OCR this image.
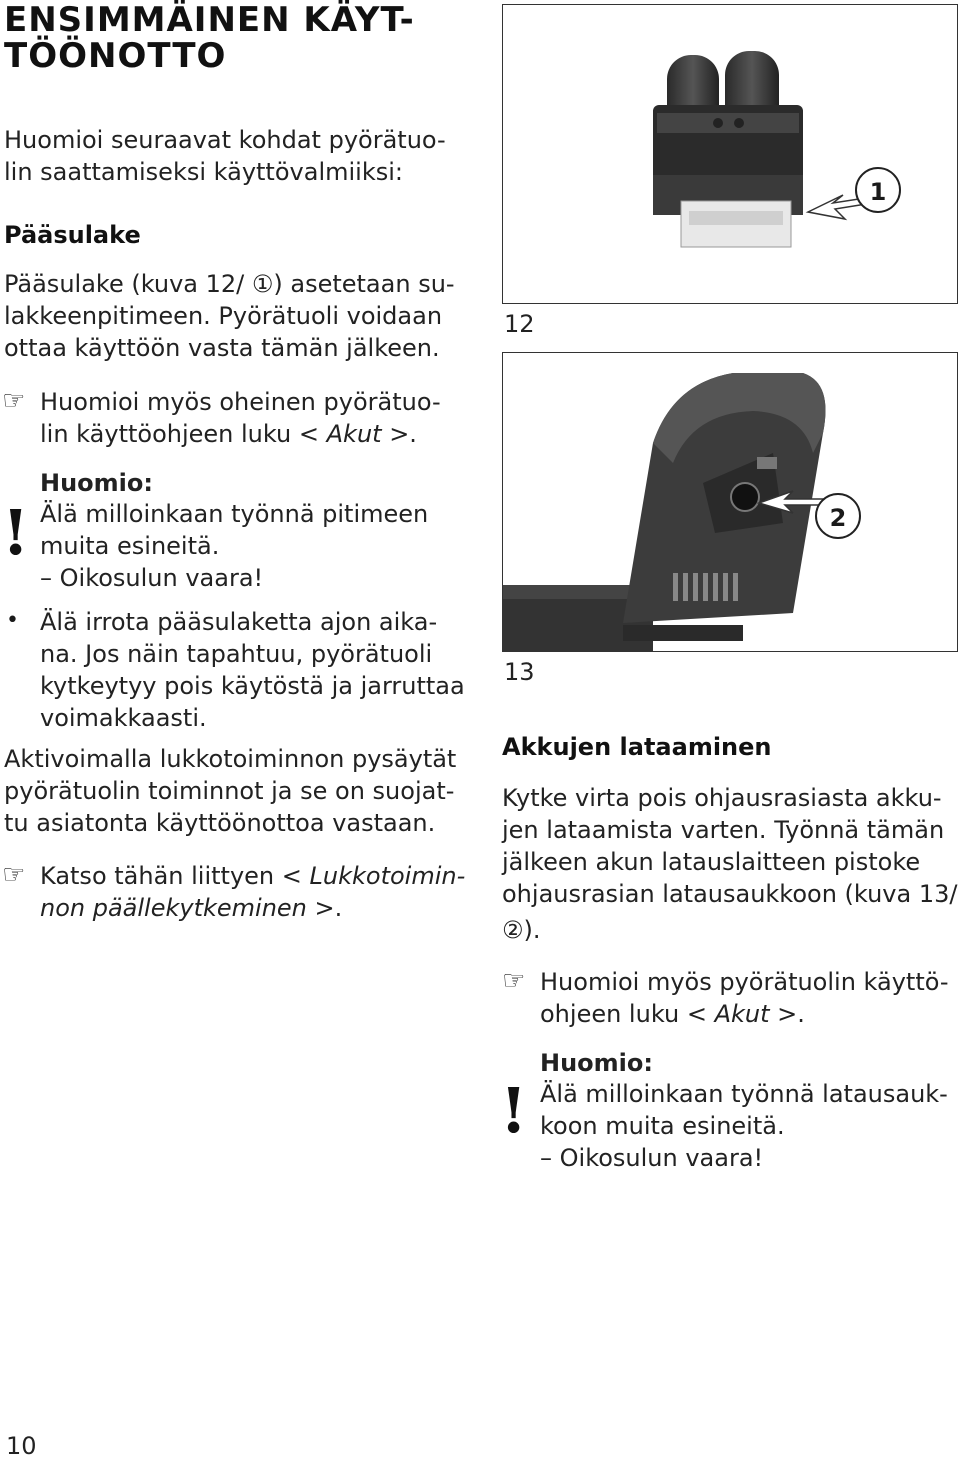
ENSIMMÄINEN KÄYT-
TÖÖNOTTO
Huomioi seuraavat kohdat pyörätuo-
lin saattamiseksi käyttövalmiiksi:
Pääsulake
Pääsulake (kuva 12/ ①) asetetaan su-
lakkeenpitimeen. Pyörätuoli voidaan
ottaa käyttöön vasta tämän jälkeen.
☞ Huomioi myös oheinen pyörätuo-
lin käyttöohjeen luku < Akut >.
!
Huomio:
Älä milloinkaan työnnä pitimeen
muita esineitä.
– Oikosulun vaara!
• Älä irrota pääsulaketta ajon aika-
na. Jos näin tapahtuu, pyörätuoli
kytkeytyy pois käytöstä ja jarruttaa
voimakkaasti.
Aktivoimalla lukkotoiminnon pysäytät
pyörätuolin toiminnot ja se on suojat-
tu asiatonta käyttöönottoa vastaan.
☞ Katso tähän liittyen < Lukkotoimin-
non päällekytkeminen >.
1
12
2
13
Akkujen lataaminen
Kytke virta pois ohjausrasiasta akku-
jen lataamista varten. Työnnä tämän
jälkeen akun latauslaitteen pistoke
ohjausrasian latausaukkoon (kuva 13/
②).
☞ Huomioi myös pyörätuolin käyttö-
ohjeen luku < Akut >.
!
Huomio:
Älä milloinkaan työnnä latausauk-
koon muita esineitä.
– Oikosulun vaara!
10
